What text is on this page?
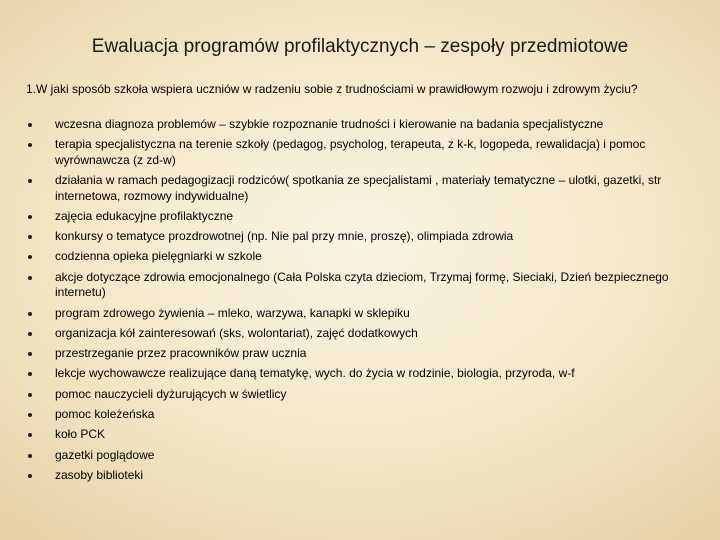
Ewaluacja programów profilaktycznych – zespoły przedmiotowe
1.W jaki sposób szkoła wspiera uczniów w radzeniu sobie z trudnościami w prawidłowym rozwoju i zdrowym życiu?
wczesna diagnoza problemów – szybkie rozpoznanie trudności i kierowanie na badania specjalistyczne
terapia specjalistyczna na terenie szkoły (pedagog, psycholog, terapeuta, z k-k, logopeda, rewalidacja) i pomoc wyrównawcza (z zd-w)
działania w ramach pedagogizacji rodziców( spotkania ze specjalistami , materiały tematyczne – ulotki, gazetki, str internetowa, rozmowy indywidualne)
zajęcia edukacyjne profilaktyczne
konkursy o tematyce prozdrowotnej (np. Nie pal przy mnie, proszę), olimpiada zdrowia
codzienna opieka pielęgniarki w szkole
akcje dotyczące zdrowia emocjonalnego (Cała Polska czyta dzieciom, Trzymaj formę, Sieciaki, Dzień bezpiecznego internetu)
program zdrowego żywienia – mleko, warzywa, kanapki w sklepiku
organizacja kół zainteresowań (sks, wolontariat), zajęć dodatkowych
przestrzeganie przez pracowników praw ucznia
lekcje wychowawcze realizujące daną tematykę, wych. do życia w rodzinie, biologia, przyroda, w-f
pomoc nauczycieli dyżurujących w świetlicy
pomoc koleżeńska
koło PCK
gazetki poglądowe
zasoby biblioteki
